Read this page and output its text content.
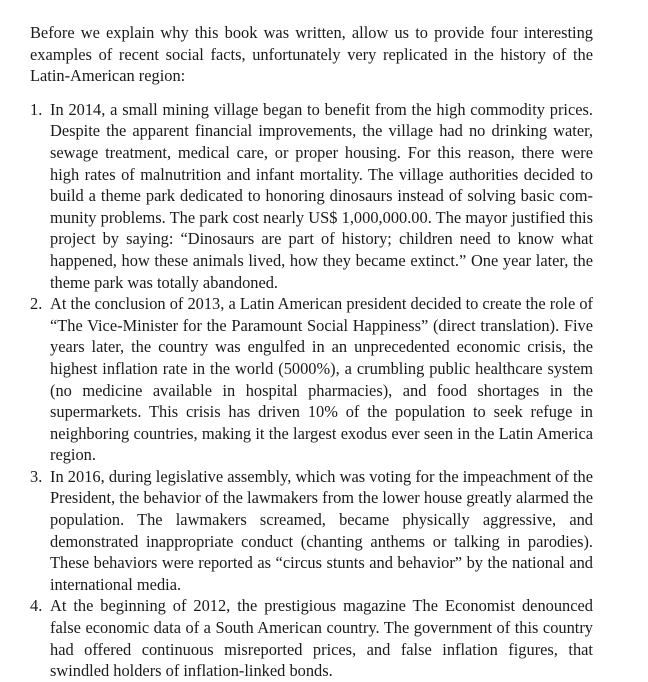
Before we explain why this book was written, allow us to provide four interesting examples of recent social facts, unfortunately very replicated in the history of the Latin-American region:

1. In 2014, a small mining village began to benefit from the high commodity prices. Despite the apparent financial improvements, the village had no drinking water, sewage treatment, medical care, or proper housing. For this reason, there were high rates of malnutrition and infant mortality. The village authorities decided to build a theme park dedicated to honoring dinosaurs instead of solving basic community problems. The park cost nearly US$ 1,000,000.00. The mayor justified this project by saying: “Dinosaurs are part of history; children need to know what happened, how these animals lived, how they became extinct.” One year later, the theme park was totally abandoned.
2. At the conclusion of 2013, a Latin American president decided to create the role of “The Vice-Minister for the Paramount Social Happiness” (direct translation). Five years later, the country was engulfed in an unprecedented economic crisis, the highest inflation rate in the world (5000%), a crumbling public healthcare system (no medicine available in hospital pharmacies), and food shortages in the supermarkets. This crisis has driven 10% of the population to seek refuge in neighboring countries, making it the largest exodus ever seen in the Latin America region.
3. In 2016, during legislative assembly, which was voting for the impeachment of the President, the behavior of the lawmakers from the lower house greatly alarmed the population. The lawmakers screamed, became physically aggressive, and demonstrated inappropriate conduct (chanting anthems or talking in parodies). These behaviors were reported as “circus stunts and behavior” by the national and international media.
4. At the beginning of 2012, the prestigious magazine The Economist denounced false economic data of a South American country. The government of this country had offered continuous misreported prices, and false inflation figures, that swindled holders of inflation-linked bonds.
